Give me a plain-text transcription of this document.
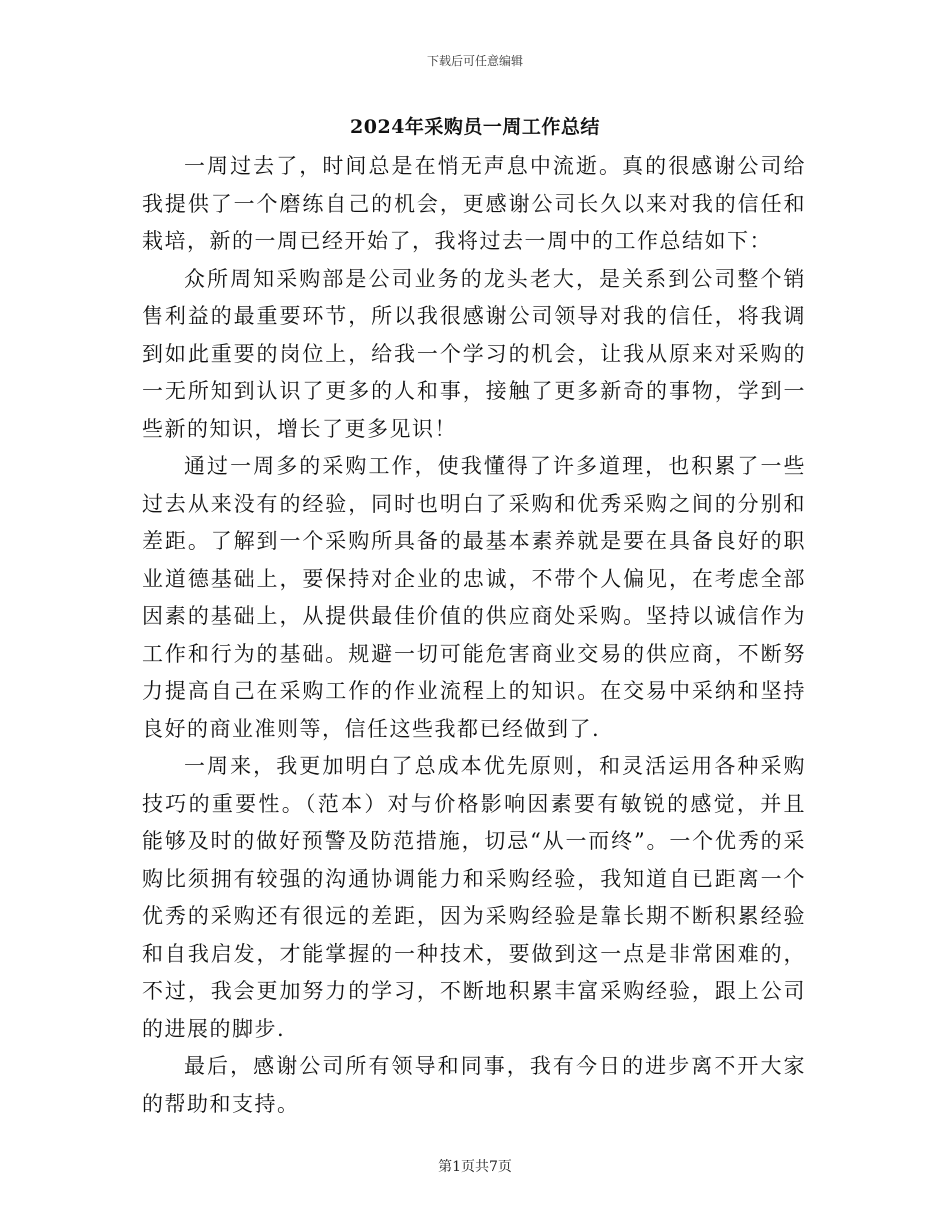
下载后可任意编辑
2024年采购员一周工作总结

一周过去了，时间总是在悄无声息中流逝。真的很感谢公司给我提供了一个磨练自己的机会，更感谢公司长久以来对我的信任和栽培，新的一周已经开始了，我将过去一周中的工作总结如下：

众所周知采购部是公司业务的龙头老大，是关系到公司整个销售利益的最重要环节，所以我很感谢公司领导对我的信任，将我调到如此重要的岗位上，给我一个学习的机会，让我从原来对采购的一无所知到认识了更多的人和事，接触了更多新奇的事物，学到一些新的知识，增长了更多见识！

通过一周多的采购工作，使我懂得了许多道理，也积累了一些过去从来没有的经验，同时也明白了采购和优秀采购之间的分别和差距。了解到一个采购所具备的最基本素养就是要在具备良好的职业道德基础上，要保持对企业的忠诚，不带个人偏见，在考虑全部因素的基础上，从提供最佳价值的供应商处采购。坚持以诚信作为工作和行为的基础。规避一切可能危害商业交易的供应商，不断努力提高自己在采购工作的作业流程上的知识。在交易中采纳和坚持良好的商业准则等，信任这些我都已经做到了.

一周来，我更加明白了总成本优先原则，和灵活运用各种采购技巧的重要性。（范本）对与价格影响因素要有敏锐的感觉，并且能够及时的做好预警及防范措施，切忌“从一而终”。一个优秀的采购比须拥有较强的沟通协调能力和采购经验，我知道自已距离一个优秀的采购还有很远的差距，因为采购经验是靠长期不断积累经验和自我启发，才能掌握的一种技术，要做到这一点是非常困难的，不过，我会更加努力的学习，不断地积累丰富采购经验，跟上公司的进展的脚步.

最后，感谢公司所有领导和同事，我有今日的进步离不开大家的帮助和支持。

第1页共7页
